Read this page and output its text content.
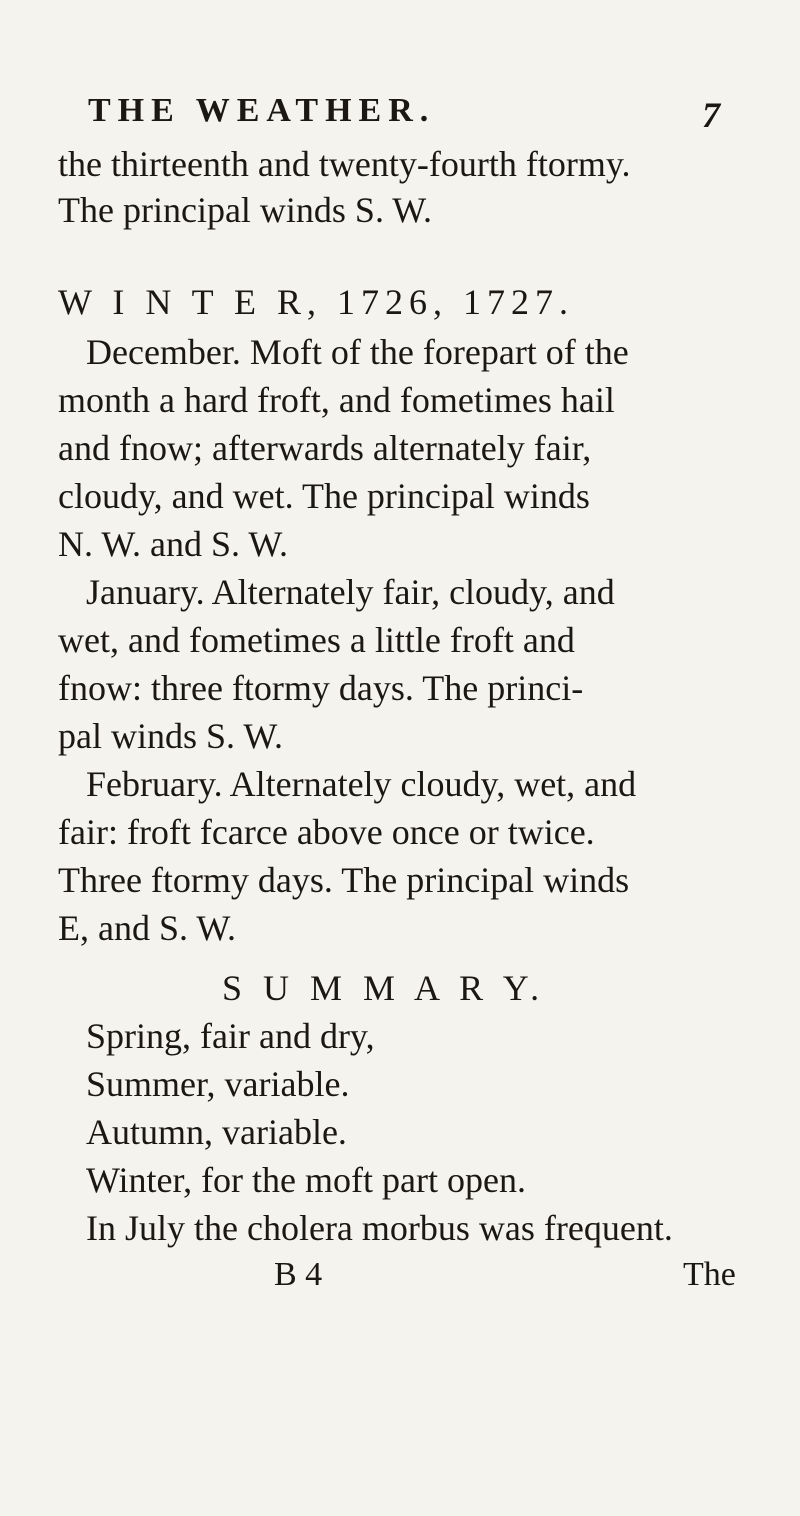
THE WEATHER.	7
the thirteenth and twenty-fourth ftormy.
The principal winds S. W.
W I N T E R, 1726, 1727.
December. Moft of the forepart of the
month a hard froft, and fometimes hail
and fnow; afterwards alternately fair,
cloudy, and wet. The principal winds
N. W. and S. W.
January. Alternately fair, cloudy, and
wet, and fometimes a little froft and
fnow: three ftormy days. The princi-
pal winds S. W.
February. Alternately cloudy, wet, and
fair: froft fcarce above once or twice.
Three ftormy days. The principal winds
E, and S. W.
S U M M A R Y.
Spring, fair and dry,
Summer, variable.
Autumn, variable.
Winter, for the moft part open.
In July the cholera morbus was frequent.
B 4	The
